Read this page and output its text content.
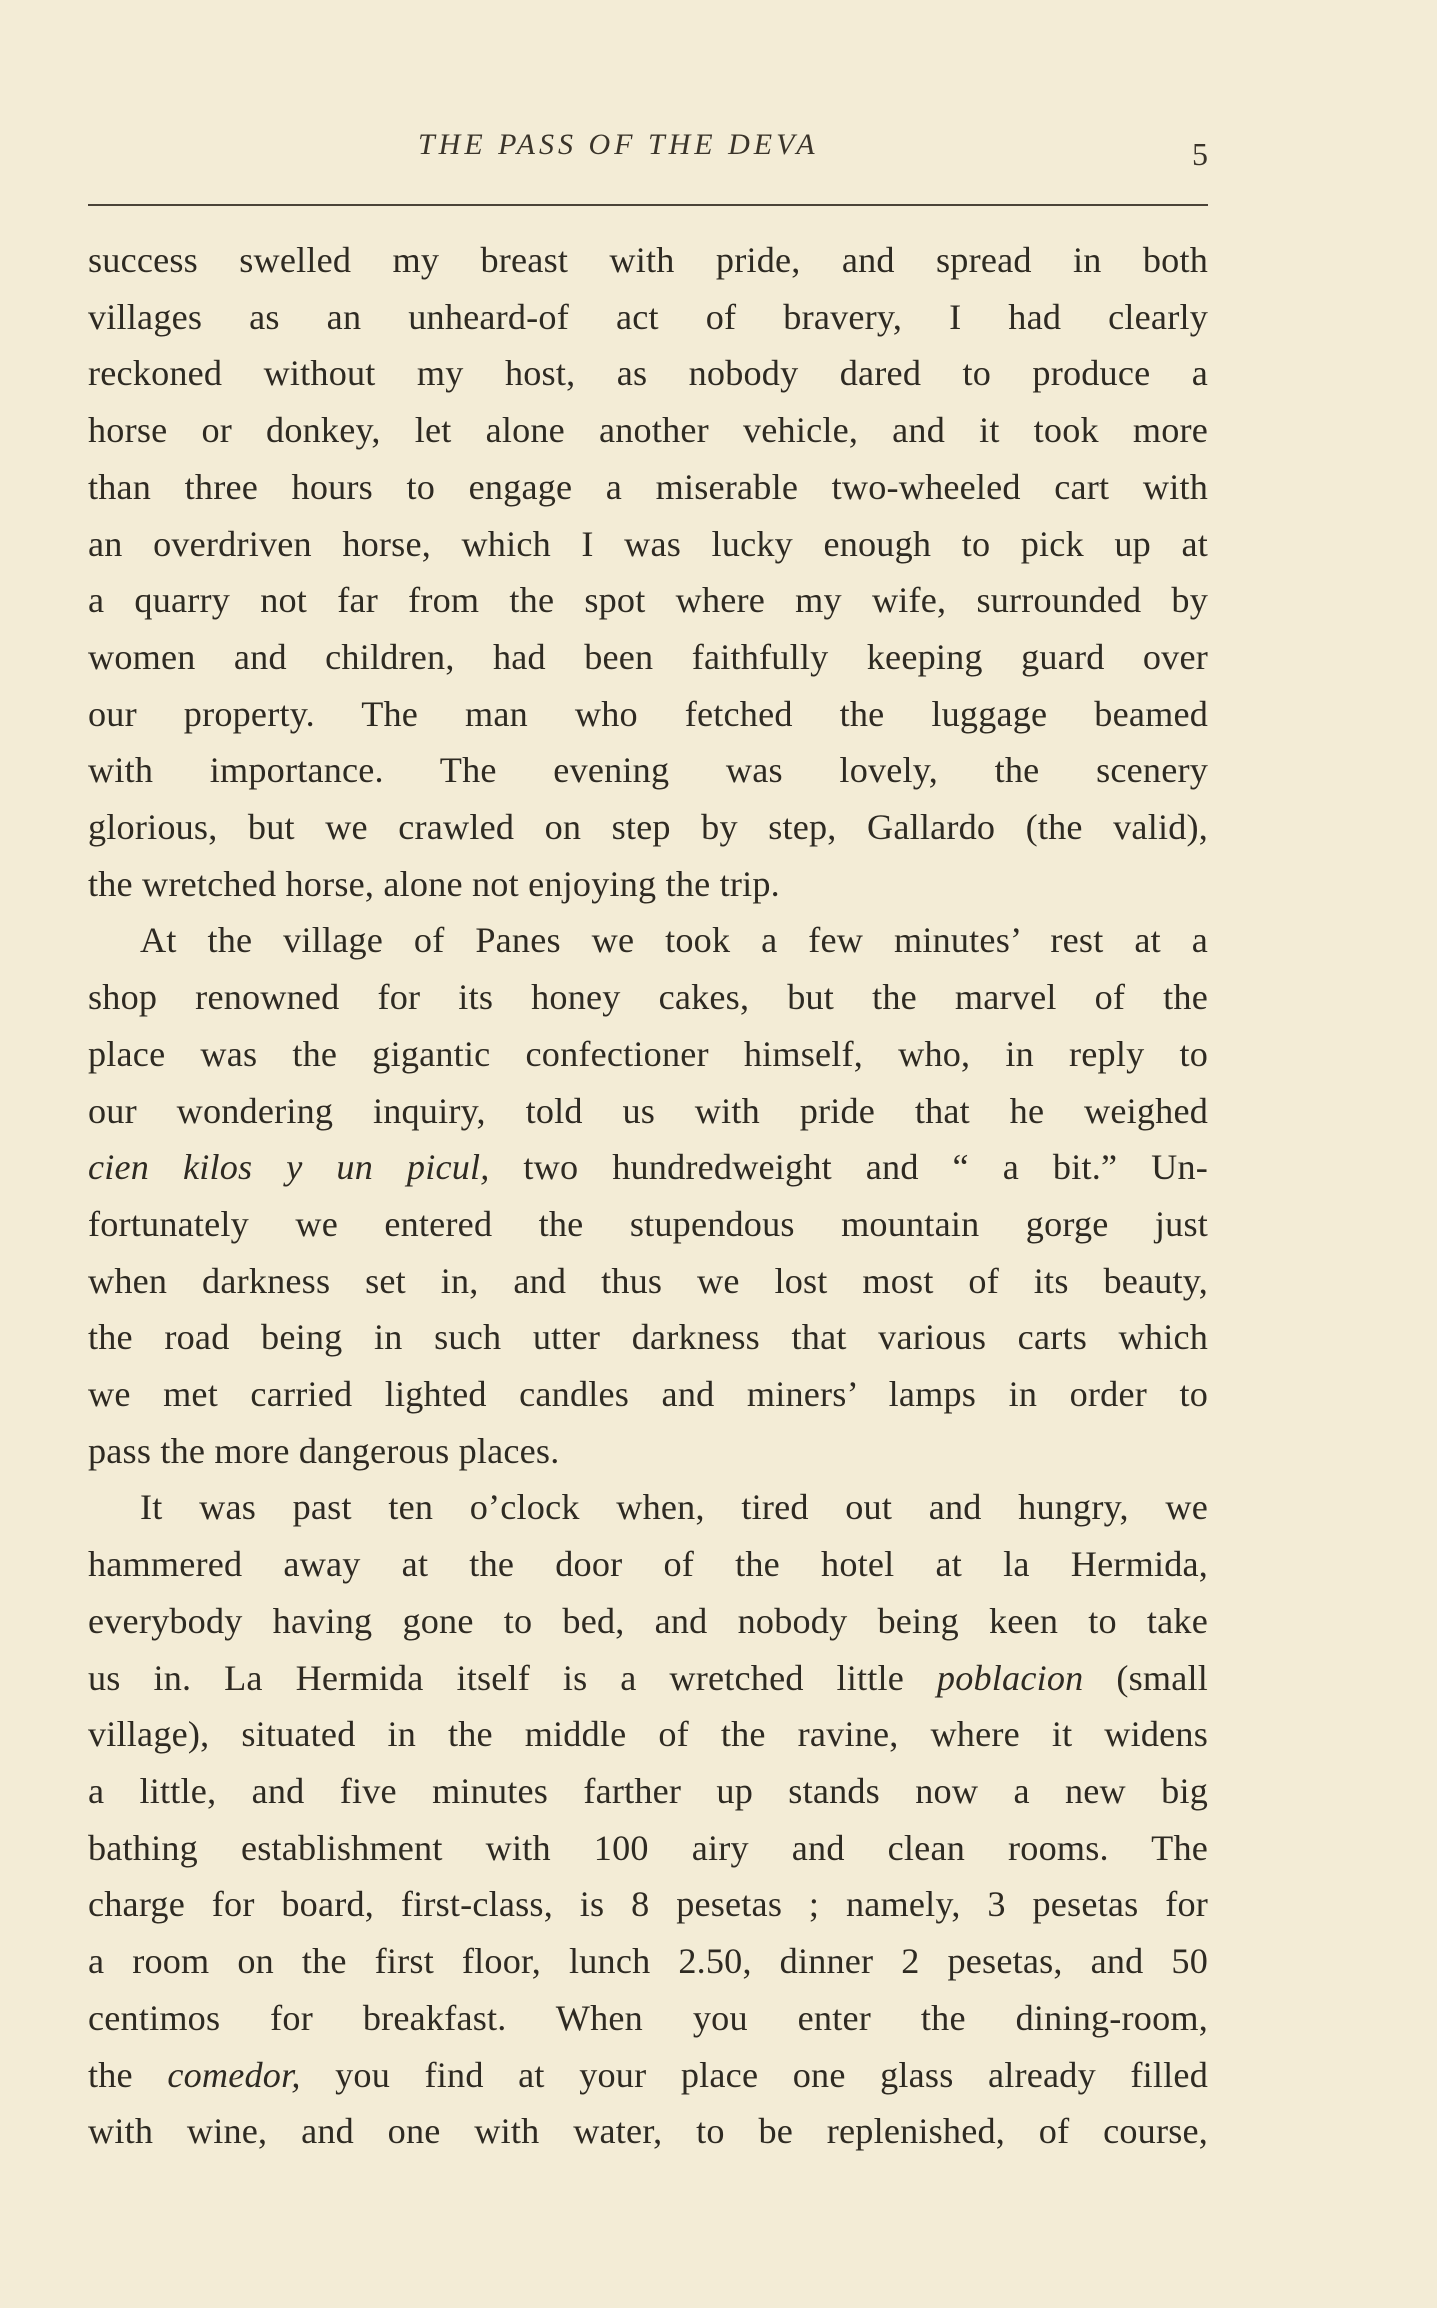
THE PASS OF THE DEVA	5

success swelled my breast with pride, and spread in both

villages as an unheard-of act of bravery, I had clearly

reckoned without my host, as nobody dared to produce a

horse or donkey, let alone another vehicle, and it took more

than three hours to engage a miserable two-wheeled cart with

an overdriven horse, which I was lucky enough to pick up at

a quarry not far from the spot where my wife, surrounded by

women and children, had been faithfully keeping guard over

our property. The man who fetched the luggage beamed

with importance. The evening was lovely, the scenery

glorious, but we crawled on step by step, Gallardo (the valid),

the wretched horse, alone not enjoying the trip.

At the village of Panes we took a few minutes’ rest at a

shop renowned for its honey cakes, but the marvel of the

place was the gigantic confectioner himself, who, in reply to

our wondering inquiry, told us with pride that he weighed

cien kilos y un picul, two hundredweight and “ a bit.” Un-

fortunately we entered the stupendous mountain gorge just

when darkness set in, and thus we lost most of its beauty,

the road being in such utter darkness that various carts which

we met carried lighted candles and miners’ lamps in order to

pass the more dangerous places.

It was past ten o’clock when, tired out and hungry, we

hammered away at the door of the hotel at la Hermida,

everybody having gone to bed, and nobody being keen to take

us in. La Hermida itself is a wretched little poblacion (small

village), situated in the middle of the ravine, where it widens

a little, and five minutes farther up stands now a new big

bathing establishment with 100 airy and clean rooms. The

charge for board, first-class, is 8 pesetas ; namely, 3 pesetas for

a room on the first floor, lunch 2.50, dinner 2 pesetas, and 50

centimos for breakfast. When you enter the dining-room,

the comedor, you find at your place one glass already filled

with wine, and one with water, to be replenished, of course,
